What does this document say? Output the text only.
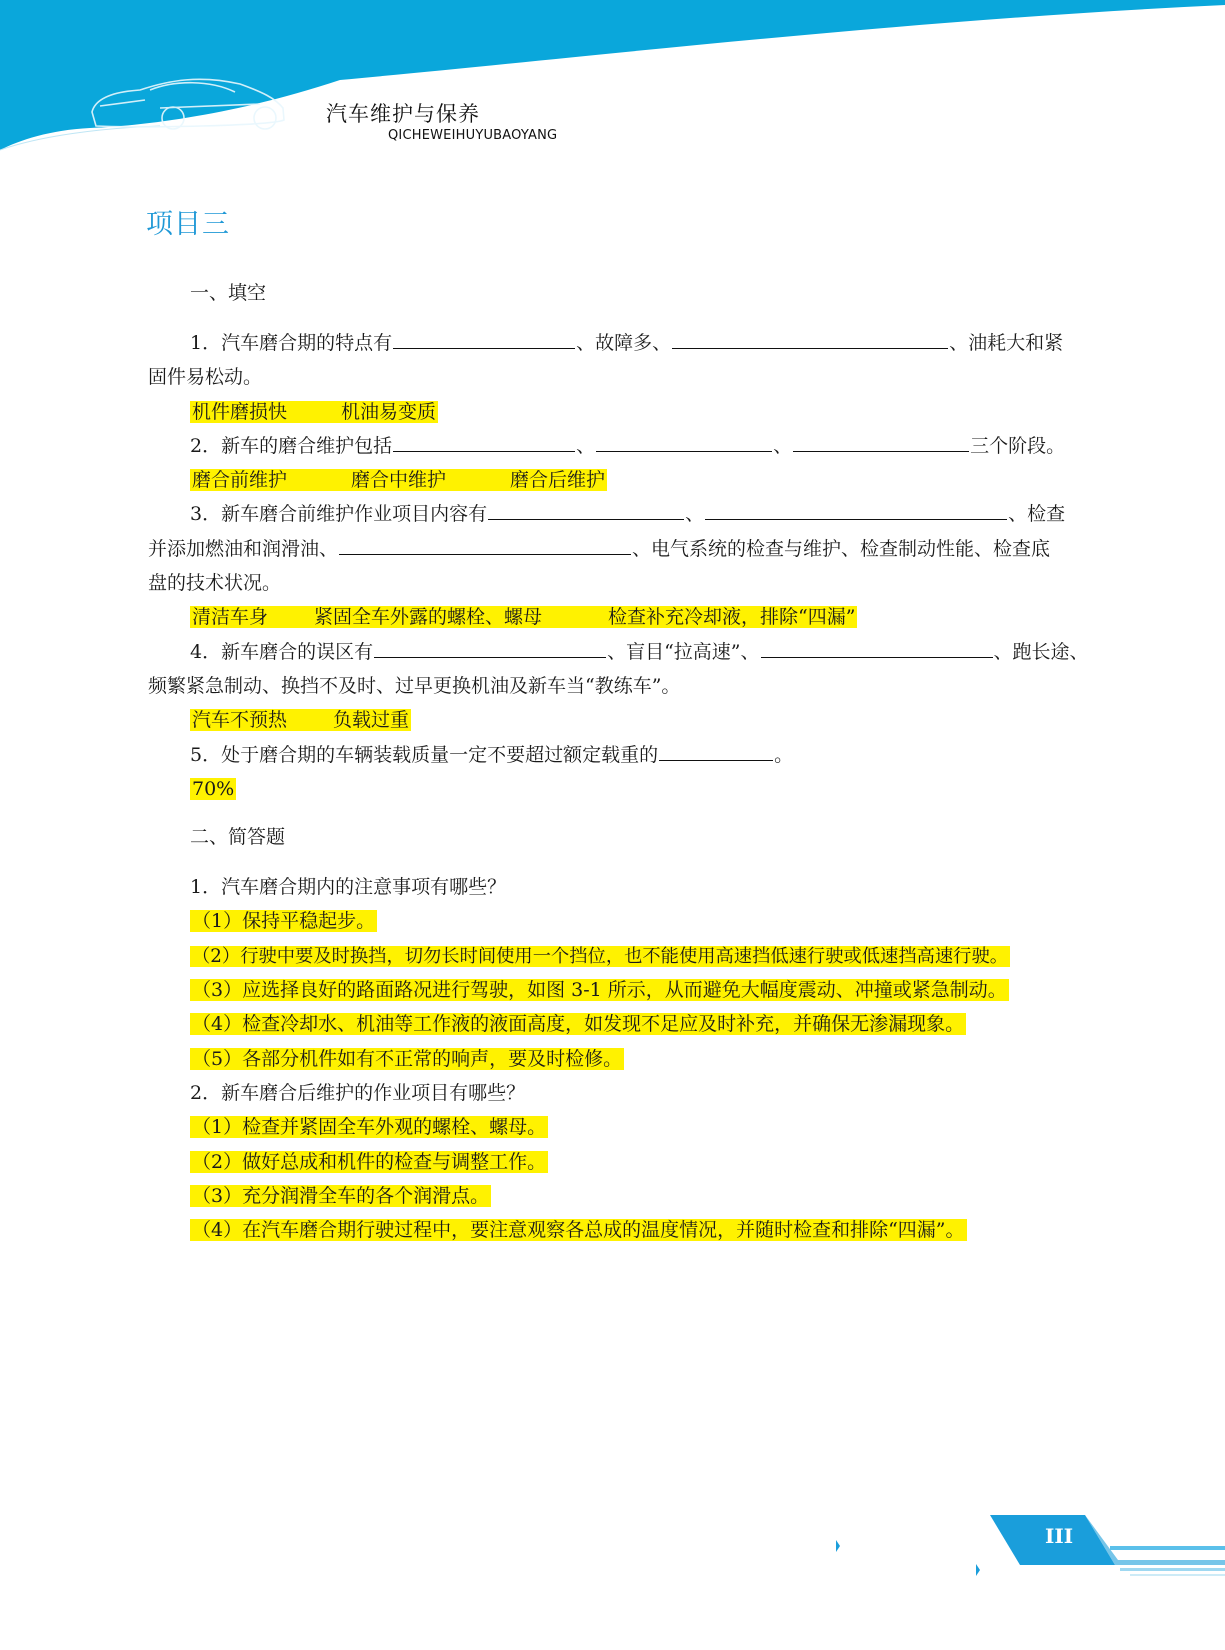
汽车维护与保养
QICHEWEIHUYUBAOYANG
项目三
一、填空
1．汽车磨合期的特点有	、故障多、	、油耗大和紧
固件易松动。
机件磨损快	机油易变质
2．新车的磨合维护包括	、	、	三个阶段。
磨合前维护	磨合中维护	磨合后维护
3．新车磨合前维护作业项目内容有	、	、检查
并添加燃油和润滑油、	、电气系统的检查与维护、检查制动性能、检查底
盘的技术状况。
清洁车身 紧固全车外露的螺栓、螺母	检查补充冷却液，排除“四漏”
4．新车磨合的误区有	、盲目“拉高速”、	、跑长途、
频繁紧急制动、换挡不及时、过早更换机油及新车当“教练车”。
汽车不预热 负载过重
5．处于磨合期的车辆装载质量一定不要超过额定载重的	。
70%
二、简答题
1．汽车磨合期内的注意事项有哪些？
（1）保持平稳起步。
（2）行驶中要及时换挡，切勿长时间使用一个挡位，也不能使用高速挡低速行驶或低速挡高速行驶。
（3）应选择良好的路面路况进行驾驶，如图 3-1 所示，从而避免大幅度震动、冲撞或紧急制动。
（4）检查冷却水、机油等工作液的液面高度，如发现不足应及时补充，并确保无渗漏现象。
（5）各部分机件如有不正常的响声，要及时检修。
2．新车磨合后维护的作业项目有哪些？
（1）检查并紧固全车外观的螺栓、螺母。
（2）做好总成和机件的检查与调整工作。
（3）充分润滑全车的各个润滑点。
（4）在汽车磨合期行驶过程中，要注意观察各总成的温度情况，并随时检查和排除“四漏”。
III
